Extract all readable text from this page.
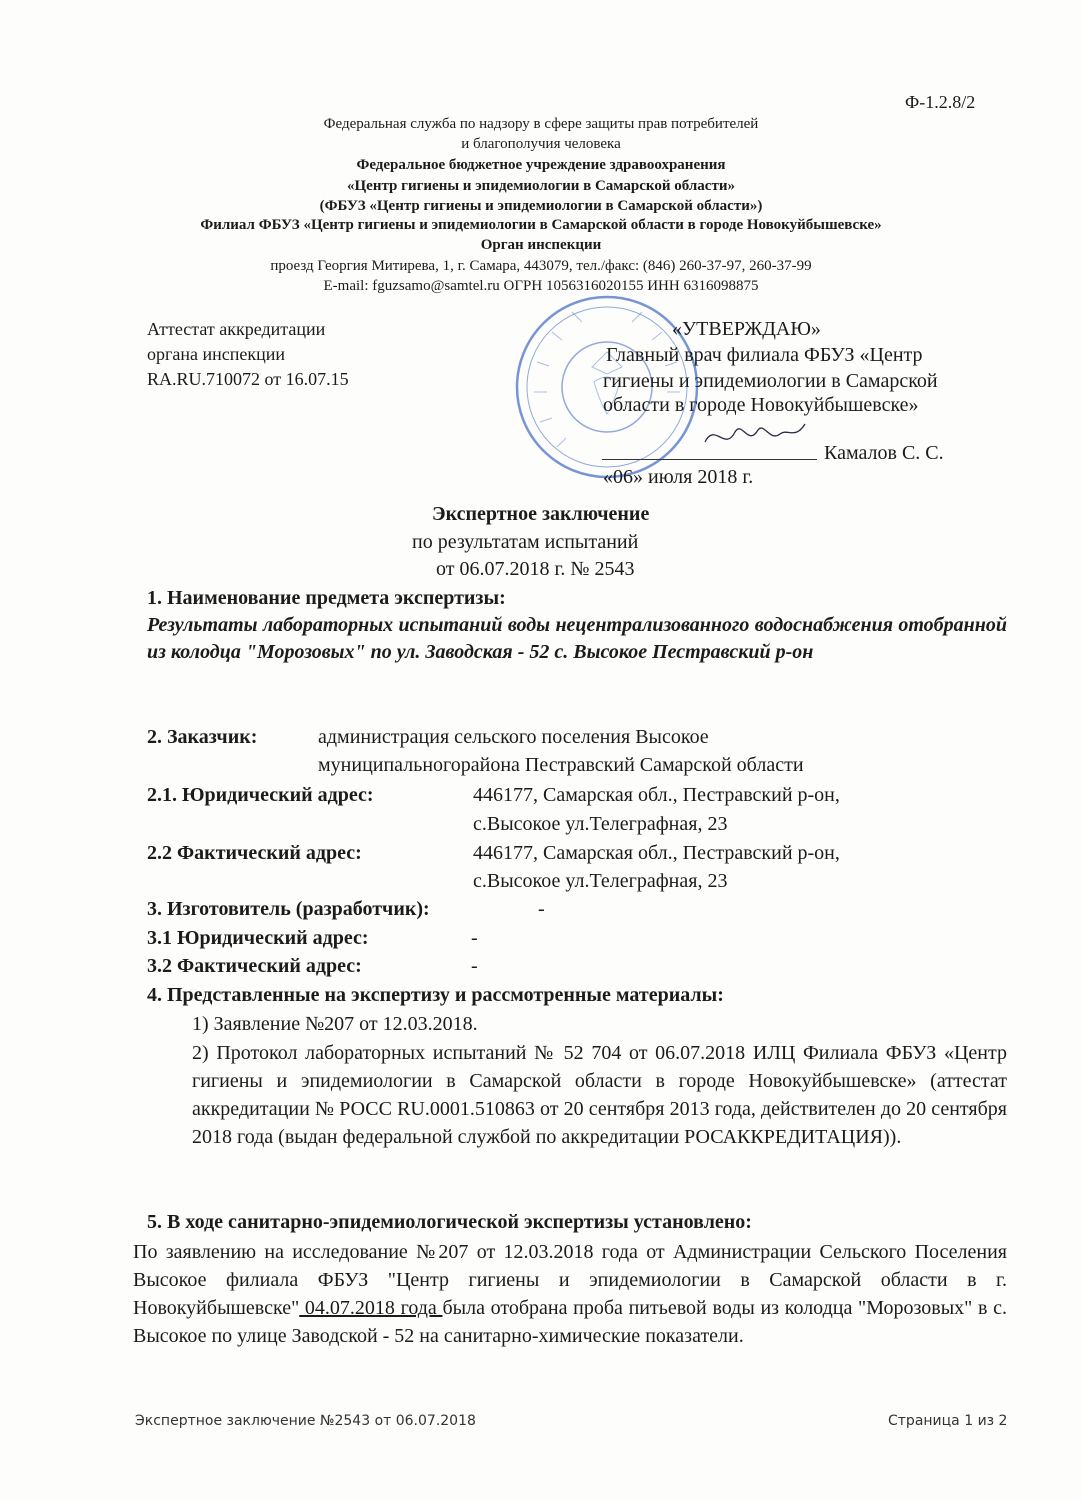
Ф-1.2.8/2
Федеральная служба по надзору в сфере защиты прав потребителей
и благополучия человека
Федеральное бюджетное учреждение здравоохранения
«Центр гигиены и эпидемиологии в Самарской области»
(ФБУЗ «Центр гигиены и эпидемиологии в Самарской области»)
Филиал ФБУЗ «Центр гигиены и эпидемиологии в Самарской области в городе Новокуйбышевске»
Орган инспекции
проезд Георгия Митирева, 1, г. Самара, 443079, тел./факс: (846) 260-37-97, 260-37-99
E-mail: fguzsamo@samtel.ru ОГРН 1056316020155 ИНН 6316098875
Аттестат аккредитации
органа инспекции
RA.RU.710072 от 16.07.15
«УТВЕРЖДАЮ»
Главный врач филиала ФБУЗ «Центр
гигиены и эпидемиологии в Самарской
области в городе Новокуйбышевске»
Камалов С. С.
«06» июля 2018 г.
Экспертное заключение
по результатам испытаний
от 06.07.2018 г. № 2543
1. Наименование предмета экспертизы:
Результаты лабораторных испытаний воды нецентрализованного водоснабжения отобранной из колодца "Морозовых" по ул. Заводская - 52 с. Высокое Пестравский р-он
2. Заказчик:	администрация сельского поселения Высокое
муниципальногорайона Пестравский Самарской области
2.1. Юридический адрес:	446177, Самарская обл., Пестравский р-он,
с.Высокое ул.Телеграфная, 23
2.2 Фактический адрес:	446177, Самарская обл., Пестравский р-он,
с.Высокое ул.Телеграфная, 23
3. Изготовитель (разработчик):	-
3.1 Юридический адрес:	-
3.2 Фактический адрес:	-
4. Представленные на экспертизу и рассмотренные материалы:
1) Заявление №207 от 12.03.2018.
2) Протокол лабораторных испытаний № 52 704 от 06.07.2018 ИЛЦ Филиала ФБУЗ «Центр гигиены и эпидемиологии в Самарской области в городе Новокуйбышевске» (аттестат аккредитации № РОСС RU.0001.510863 от 20 сентября 2013 года, действителен до 20 сентября 2018 года (выдан федеральной службой по аккредитации РОСАККРЕДИТАЦИЯ)).
5. В ходе санитарно-эпидемиологической экспертизы установлено:
По заявлению на исследование №207 от 12.03.2018 года от Администрации Сельского Поселения Высокое филиала ФБУЗ "Центр гигиены и эпидемиологии в Самарской области в г. Новокуйбышевске" 04.07.2018 года была отобрана проба питьевой воды из колодца "Морозовых" в с. Высокое по улице Заводской - 52 на санитарно-химические показатели.
Экспертное заключение №2543 от 06.07.2018	Страница 1 из 2
